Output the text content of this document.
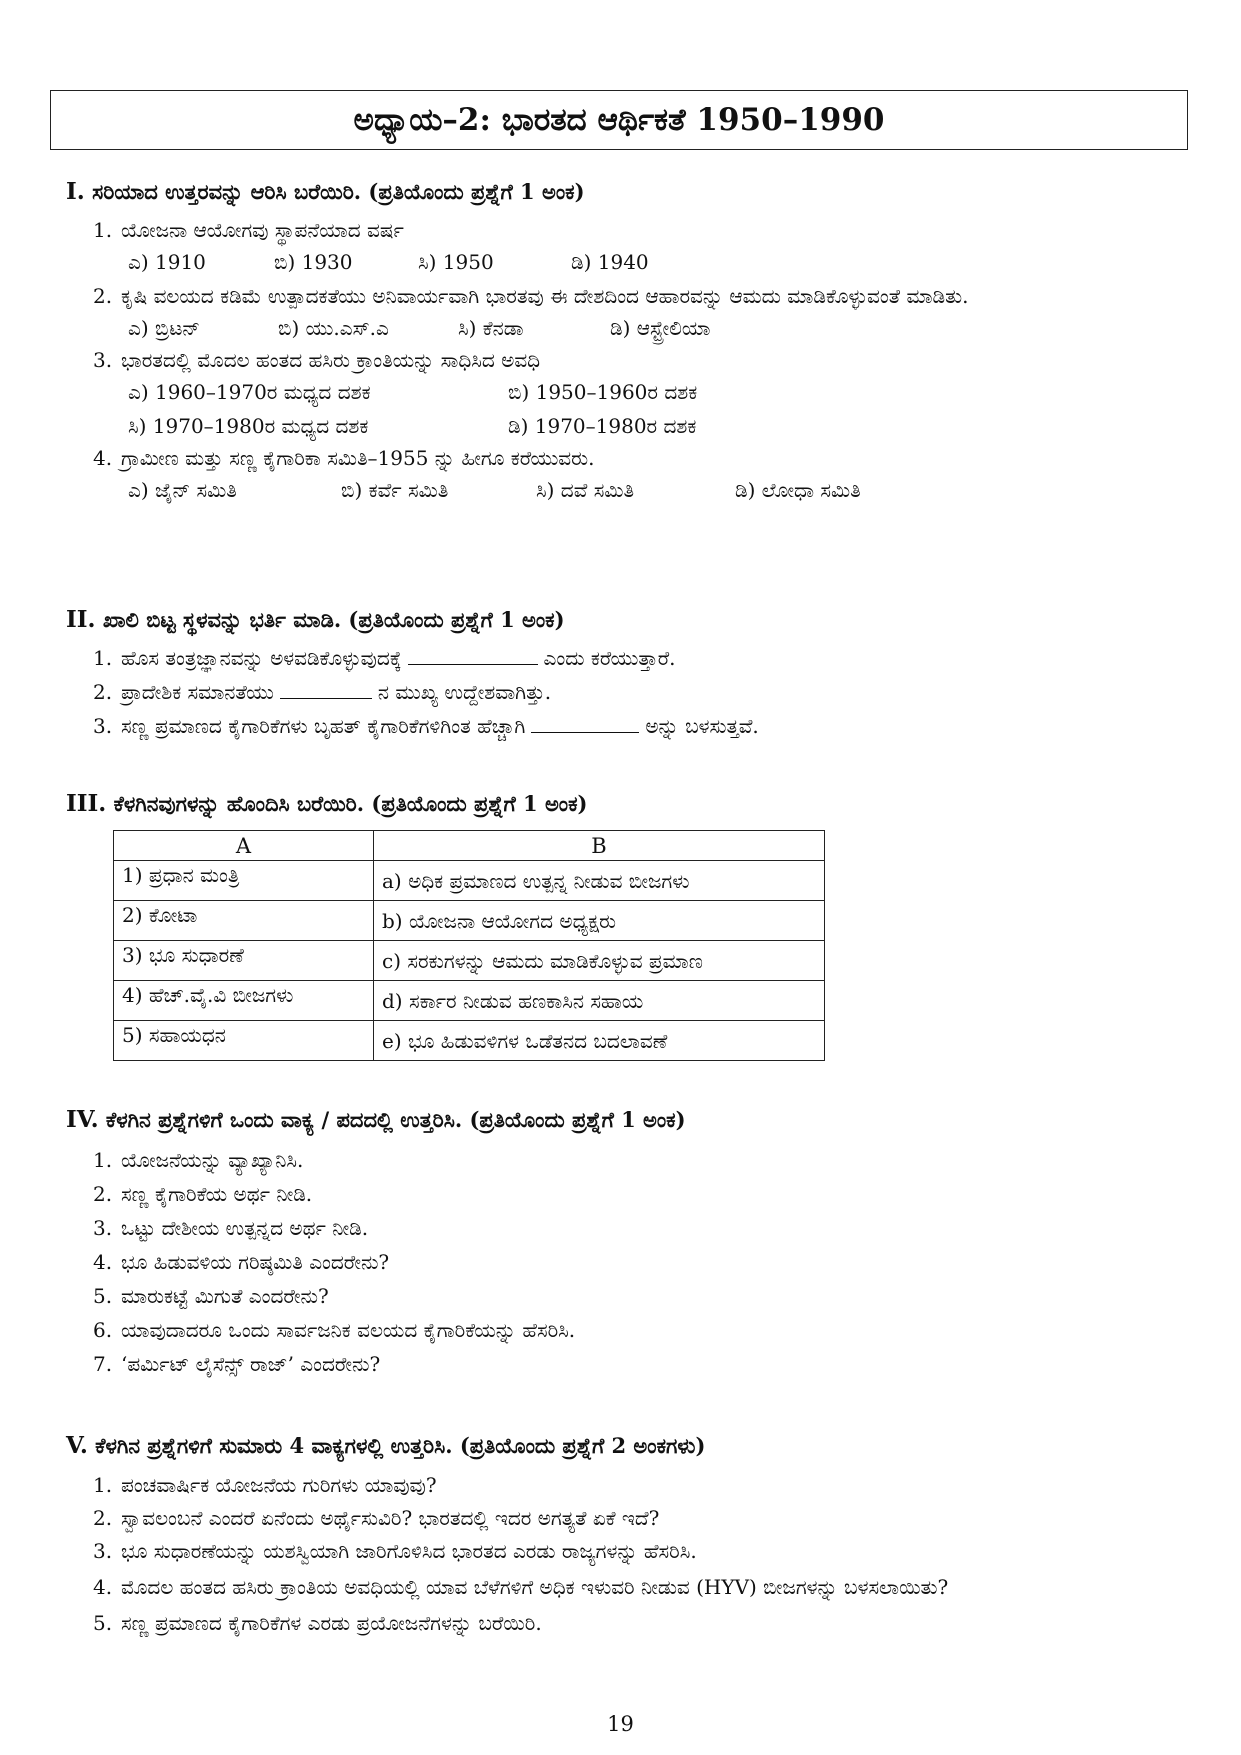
ಅಧ್ಯಾಯ–2: ಭಾರತದ ಆರ್ಥಿಕತೆ 1950–1990
I. ಸರಿಯಾದ ಉತ್ತರವನ್ನು ಆರಿಸಿ ಬರೆಯಿರಿ. (ಪ್ರತಿಯೊಂದು ಪ್ರಶ್ನೆಗೆ 1 ಅಂಕ)
1. ಯೋಜನಾ ಆಯೋಗವು ಸ್ಥಾಪನೆಯಾದ ವರ್ಷ
ಎ) 1910	ಬಿ) 1930	ಸಿ) 1950	ಡಿ) 1940
2. ಕೃಷಿ ವಲಯದ ಕಡಿಮೆ ಉತ್ಪಾದಕತೆಯು ಅನಿವಾರ್ಯವಾಗಿ ಭಾರತವು ಈ ದೇಶದಿಂದ ಆಹಾರವನ್ನು ಆಮದು ಮಾಡಿಕೊಳ್ಳುವಂತೆ ಮಾಡಿತು.
ಎ) ಬ್ರಿಟನ್	ಬಿ) ಯು.ಎಸ್.ಎ	ಸಿ) ಕೆನಡಾ	ಡಿ) ಆಸ್ಟ್ರೇಲಿಯಾ
3. ಭಾರತದಲ್ಲಿ ಮೊದಲ ಹಂತದ ಹಸಿರು ಕ್ರಾಂತಿಯನ್ನು ಸಾಧಿಸಿದ ಅವಧಿ
ಎ) 1960–1970ರ ಮಧ್ಯದ ದಶಕ	ಬಿ) 1950–1960ರ ದಶಕ
ಸಿ) 1970–1980ರ ಮಧ್ಯದ ದಶಕ	ಡಿ) 1970–1980ರ ದಶಕ
4. ಗ್ರಾಮೀಣ ಮತ್ತು ಸಣ್ಣ ಕೈಗಾರಿಕಾ ಸಮಿತಿ–1955 ನ್ನು ಹೀಗೂ ಕರೆಯುವರು.
ಎ) ಜೈನ್ ಸಮಿತಿ	ಬಿ) ಕರ್ವೆ ಸಮಿತಿ	ಸಿ) ದವೆ ಸಮಿತಿ	ಡಿ) ಲೋಧಾ ಸಮಿತಿ
II. ಖಾಲಿ ಬಿಟ್ಟ ಸ್ಥಳವನ್ನು ಭರ್ತಿ ಮಾಡಿ. (ಪ್ರತಿಯೊಂದು ಪ್ರಶ್ನೆಗೆ 1 ಅಂಕ)
1. ಹೊಸ ತಂತ್ರಜ್ಞಾನವನ್ನು ಅಳವಡಿಕೊಳ್ಳುವುದಕ್ಕೆ	ಎಂದು ಕರೆಯುತ್ತಾರೆ.
2. ಪ್ರಾದೇಶಿಕ ಸಮಾನತೆಯು	ನ ಮುಖ್ಯ ಉದ್ದೇಶವಾಗಿತ್ತು.
3. ಸಣ್ಣ ಪ್ರಮಾಣದ ಕೈಗಾರಿಕೆಗಳು ಬೃಹತ್ ಕೈಗಾರಿಕೆಗಳಿಗಿಂತ ಹೆಚ್ಚಾಗಿ	ಅನ್ನು ಬಳಸುತ್ತವೆ.
III. ಕೆಳಗಿನವುಗಳನ್ನು ಹೊಂದಿಸಿ ಬರೆಯಿರಿ. (ಪ್ರತಿಯೊಂದು ಪ್ರಶ್ನೆಗೆ 1 ಅಂಕ)
A	B
1) ಪ್ರಧಾನ ಮಂತ್ರಿ	a) ಅಧಿಕ ಪ್ರಮಾಣದ ಉತ್ಪನ್ನ ನೀಡುವ ಬೀಜಗಳು
2) ಕೋಟಾ	b) ಯೋಜನಾ ಆಯೋಗದ ಅಧ್ಯಕ್ಷರು
3) ಭೂ ಸುಧಾರಣೆ	c) ಸರಕುಗಳನ್ನು ಆಮದು ಮಾಡಿಕೊಳ್ಳುವ ಪ್ರಮಾಣ
4) ಹೆಚ್.ವೈ.ವಿ ಬೀಜಗಳು	d) ಸರ್ಕಾರ ನೀಡುವ ಹಣಕಾಸಿನ ಸಹಾಯ
5) ಸಹಾಯಧನ	e) ಭೂ ಹಿಡುವಳಿಗಳ ಒಡೆತನದ ಬದಲಾವಣೆ
IV. ಕೆಳಗಿನ ಪ್ರಶ್ನೆಗಳಿಗೆ ಒಂದು ವಾಕ್ಯ / ಪದದಲ್ಲಿ ಉತ್ತರಿಸಿ. (ಪ್ರತಿಯೊಂದು ಪ್ರಶ್ನೆಗೆ 1 ಅಂಕ)
1. ಯೋಜನೆಯನ್ನು ವ್ಯಾಖ್ಯಾನಿಸಿ.
2. ಸಣ್ಣ ಕೈಗಾರಿಕೆಯ ಅರ್ಥ ನೀಡಿ.
3. ಒಟ್ಟು ದೇಶೀಯ ಉತ್ಪನ್ನದ ಅರ್ಥ ನೀಡಿ.
4. ಭೂ ಹಿಡುವಳಿಯ ಗರಿಷ್ಠಮಿತಿ ಎಂದರೇನು?
5. ಮಾರುಕಟ್ಟೆ ಮಿಗುತೆ ಎಂದರೇನು?
6. ಯಾವುದಾದರೂ ಒಂದು ಸಾರ್ವಜನಿಕ ವಲಯದ ಕೈಗಾರಿಕೆಯನ್ನು ಹೆಸರಿಸಿ.
7. ‘ಪರ್ಮಿಟ್ ಲೈಸೆನ್ಸ್ ರಾಜ್’ ಎಂದರೇನು?
V. ಕೆಳಗಿನ ಪ್ರಶ್ನೆಗಳಿಗೆ ಸುಮಾರು 4 ವಾಕ್ಯಗಳಲ್ಲಿ ಉತ್ತರಿಸಿ. (ಪ್ರತಿಯೊಂದು ಪ್ರಶ್ನೆಗೆ 2 ಅಂಕಗಳು)
1. ಪಂಚವಾರ್ಷಿಕ ಯೋಜನೆಯ ಗುರಿಗಳು ಯಾವುವು?
2. ಸ್ವಾವಲಂಬನೆ ಎಂದರೆ ಏನೆಂದು ಅರ್ಥೈಸುವಿರಿ? ಭಾರತದಲ್ಲಿ ಇದರ ಅಗತ್ಯತೆ ಏಕೆ ಇದೆ?
3. ಭೂ ಸುಧಾರಣೆಯನ್ನು ಯಶಸ್ವಿಯಾಗಿ ಜಾರಿಗೊಳಿಸಿದ ಭಾರತದ ಎರಡು ರಾಜ್ಯಗಳನ್ನು ಹೆಸರಿಸಿ.
4. ಮೊದಲ ಹಂತದ ಹಸಿರು ಕ್ರಾಂತಿಯ ಅವಧಿಯಲ್ಲಿ ಯಾವ ಬೆಳೆಗಳಿಗೆ ಅಧಿಕ ಇಳುವರಿ ನೀಡುವ (HYV) ಬೀಜಗಳನ್ನು ಬಳಸಲಾಯಿತು?
5. ಸಣ್ಣ ಪ್ರಮಾಣದ ಕೈಗಾರಿಕೆಗಳ ಎರಡು ಪ್ರಯೋಜನೆಗಳನ್ನು ಬರೆಯಿರಿ.
19
